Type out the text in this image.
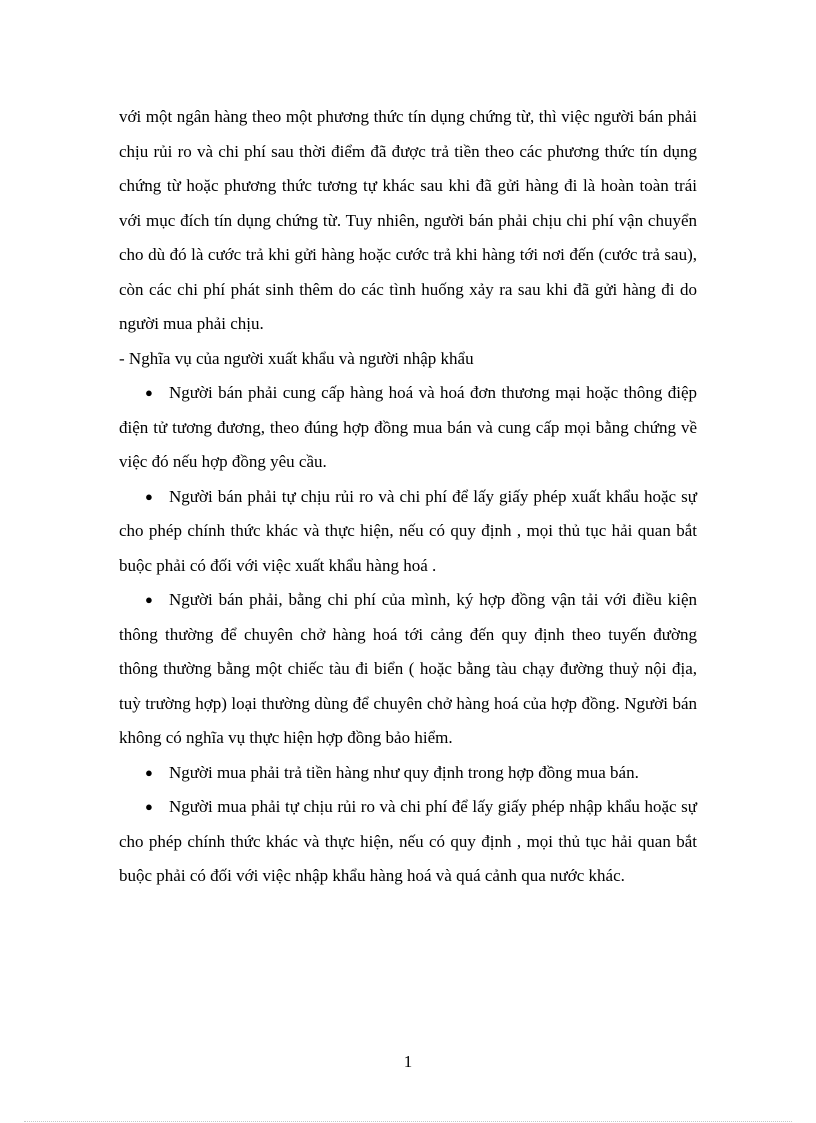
với một ngân hàng theo một phương thức tín dụng chứng từ, thì việc người bán phải chịu rủi ro và chi phí sau thời điểm đã được trả tiền theo các phương thức tín dụng chứng từ hoặc phương thức tương tự khác sau khi đã gửi hàng đi là hoàn toàn trái với mục đích tín dụng chứng từ. Tuy nhiên, người bán phải chịu chi phí vận chuyển cho dù đó là cước trả khi gửi hàng hoặc cước trả khi hàng tới nơi đến (cước trả sau), còn các chi phí phát sinh thêm do các tình huống xảy ra sau khi đã gửi hàng đi do người mua phải chịu.

- Nghĩa vụ của người xuất khẩu và người nhập khẩu

● Người bán phải cung cấp hàng hoá và hoá đơn thương mại hoặc thông điệp điện tử tương đương, theo đúng hợp đồng mua bán và cung cấp mọi bằng chứng về việc đó nếu hợp đồng yêu cầu.

● Người bán phải tự chịu rủi ro và chi phí để lấy giấy phép xuất khẩu hoặc sự cho phép chính thức khác và thực hiện, nếu có quy định , mọi thủ tục hải quan bắt buộc phải có đối với việc xuất khẩu hàng hoá .

● Người bán phải, bằng chi phí của mình, ký hợp đồng vận tải với điều kiện thông thường để chuyên chở hàng hoá tới cảng đến quy định theo tuyến đường thông thường bằng một chiếc tàu đi biển ( hoặc bằng tàu chạy đường thuỷ nội địa, tuỳ trường hợp) loại thường dùng để chuyên chở hàng hoá của hợp đồng. Người bán không có nghĩa vụ thực hiện hợp đồng bảo hiểm.

● Người mua phải trả tiền hàng như quy định trong hợp đồng mua bán.

● Người mua phải tự chịu rủi ro và chi phí để lấy giấy phép nhập khẩu hoặc sự cho phép chính thức khác và thực hiện, nếu có quy định , mọi thủ tục hải quan bắt buộc phải có đối với việc nhập khẩu hàng hoá và quá cảnh qua nước khác.

1
